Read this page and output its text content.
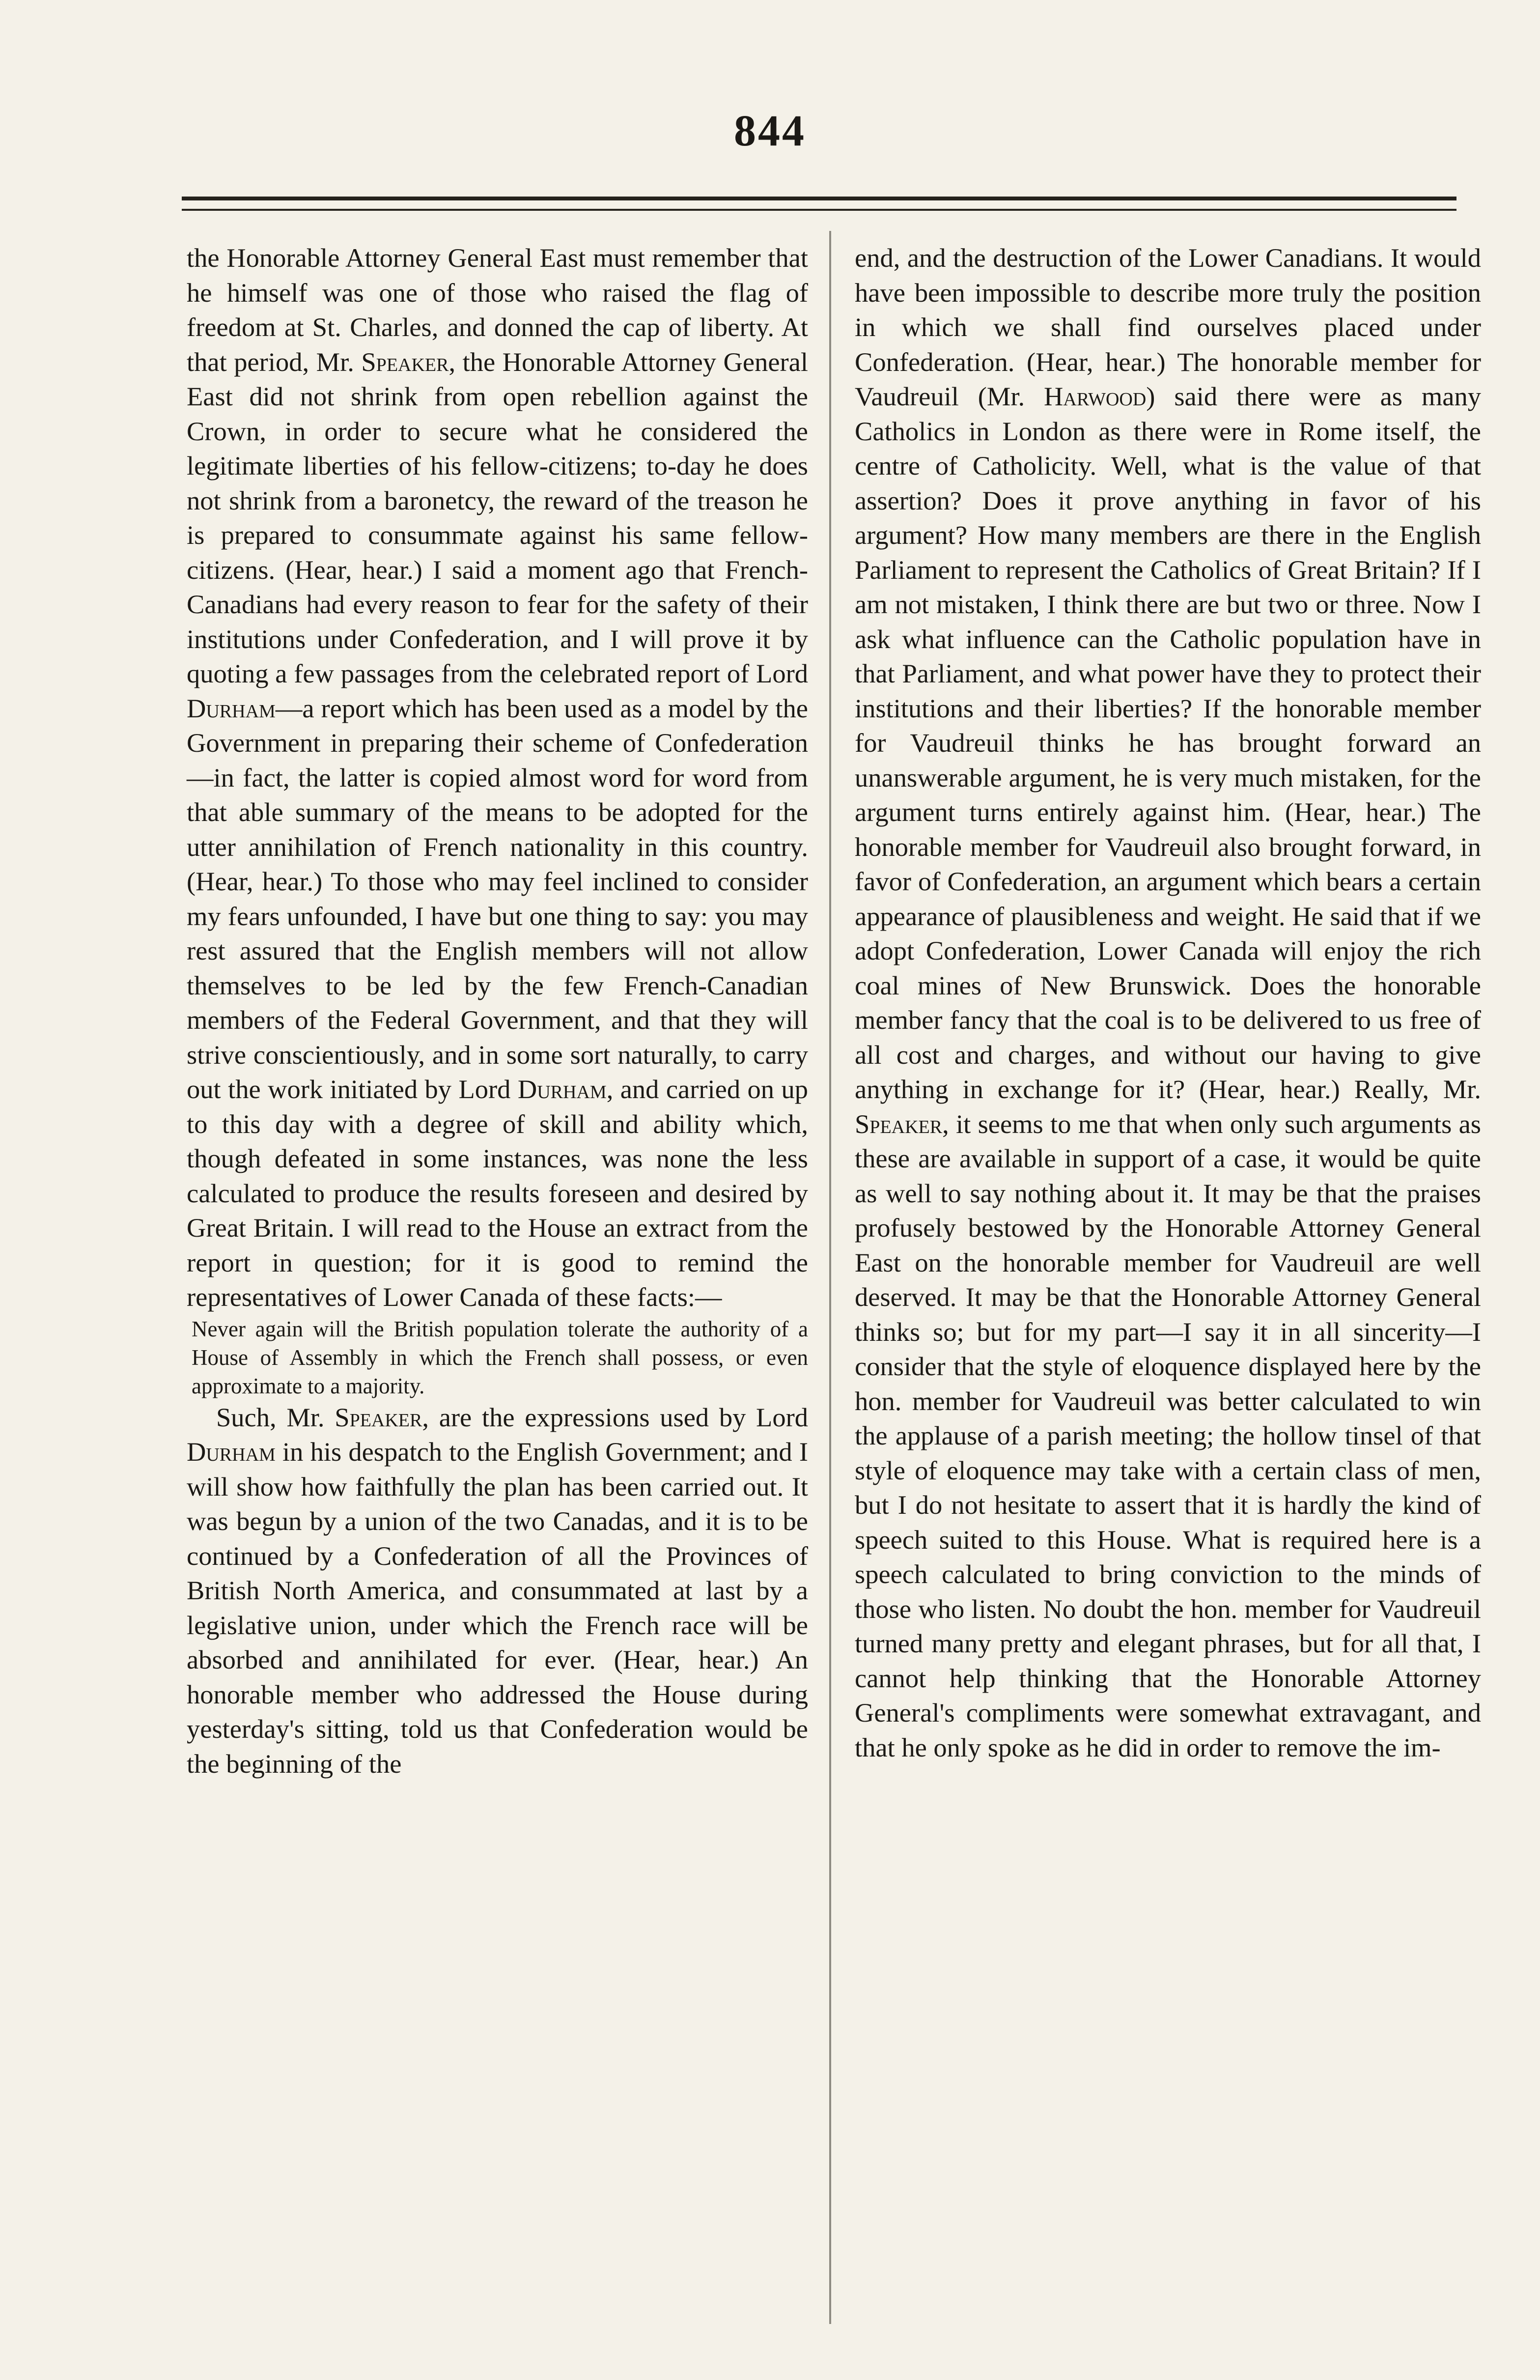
844

the Honorable Attorney General East must remember that he himself was one of those who raised the flag of freedom at St. Charles, and donned the cap of liberty. At that period, Mr. Speaker, the Honorable Attorney General East did not shrink from open rebellion against the Crown, in order to secure what he considered the legitimate liberties of his fellow-citizens; to-day he does not shrink from a baronetcy, the reward of the treason he is prepared to consummate against his same fellow-citizens. (Hear, hear.) I said a moment ago that French-Canadians had every reason to fear for the safety of their institutions under Confederation, and I will prove it by quoting a few passages from the celebrated report of Lord Durham—a report which has been used as a model by the Government in preparing their scheme of Confederation—in fact, the latter is copied almost word for word from that able summary of the means to be adopted for the utter annihilation of French nationality in this country. (Hear, hear.) To those who may feel inclined to consider my fears unfounded, I have but one thing to say: you may rest assured that the English members will not allow themselves to be led by the few French-Canadian members of the Federal Government, and that they will strive conscientiously, and in some sort naturally, to carry out the work initiated by Lord Durham, and carried on up to this day with a degree of skill and ability which, though defeated in some instances, was none the less calculated to produce the results foreseen and desired by Great Britain. I will read to the House an extract from the report in question; for it is good to remind the representatives of Lower Canada of these facts:—

Never again will the British population tolerate the authority of a House of Assembly in which the French shall possess, or even approximate to a majority.

Such, Mr. Speaker, are the expressions used by Lord Durham in his despatch to the English Government; and I will show how faithfully the plan has been carried out. It was begun by a union of the two Canadas, and it is to be continued by a Confederation of all the Provinces of British North America, and consummated at last by a legislative union, under which the French race will be absorbed and annihilated for ever. (Hear, hear.) An honorable member who addressed the House during yesterday's sitting, told us that Confederation would be the beginning of the

end, and the destruction of the Lower Canadians. It would have been impossible to describe more truly the position in which we shall find ourselves placed under Confederation. (Hear, hear.) The honorable member for Vaudreuil (Mr. Harwood) said there were as many Catholics in London as there were in Rome itself, the centre of Catholicity. Well, what is the value of that assertion? Does it prove anything in favor of his argument? How many members are there in the English Parliament to represent the Catholics of Great Britain? If I am not mistaken, I think there are but two or three. Now I ask what influence can the Catholic population have in that Parliament, and what power have they to protect their institutions and their liberties? If the honorable member for Vaudreuil thinks he has brought forward an unanswerable argument, he is very much mistaken, for the argument turns entirely against him. (Hear, hear.) The honorable member for Vaudreuil also brought forward, in favor of Confederation, an argument which bears a certain appearance of plausibleness and weight. He said that if we adopt Confederation, Lower Canada will enjoy the rich coal mines of New Brunswick. Does the honorable member fancy that the coal is to be delivered to us free of all cost and charges, and without our having to give anything in exchange for it? (Hear, hear.) Really, Mr. Speaker, it seems to me that when only such arguments as these are available in support of a case, it would be quite as well to say nothing about it. It may be that the praises profusely bestowed by the Honorable Attorney General East on the honorable member for Vaudreuil are well deserved. It may be that the Honorable Attorney General thinks so; but for my part—I say it in all sincerity—I consider that the style of eloquence displayed here by the hon. member for Vaudreuil was better calculated to win the applause of a parish meeting; the hollow tinsel of that style of eloquence may take with a certain class of men, but I do not hesitate to assert that it is hardly the kind of speech suited to this House. What is required here is a speech calculated to bring conviction to the minds of those who listen. No doubt the hon. member for Vaudreuil turned many pretty and elegant phrases, but for all that, I cannot help thinking that the Honorable Attorney General's compliments were somewhat extravagant, and that he only spoke as he did in order to remove the im-
